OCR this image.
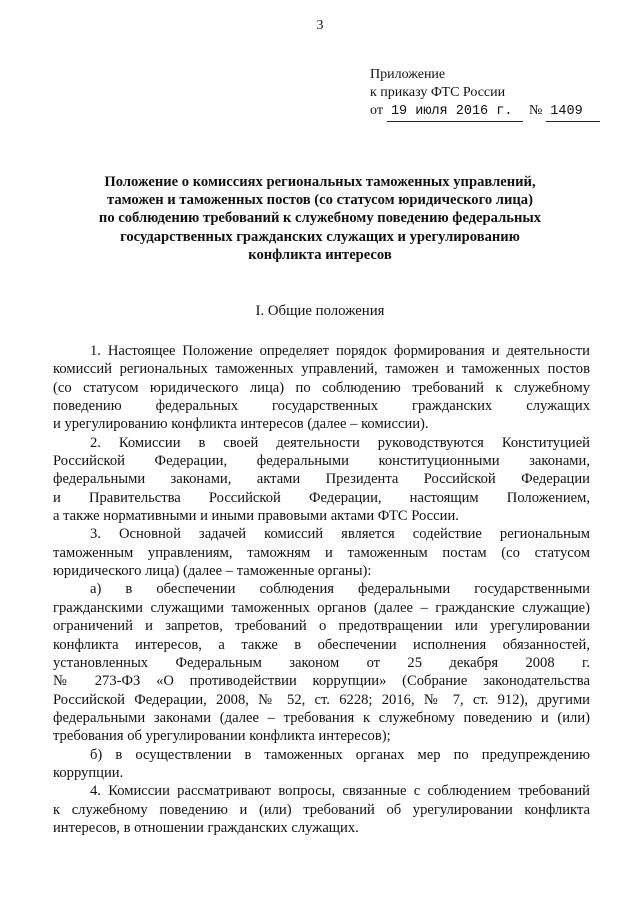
3
Приложение
к приказу ФТС России
от 19 июля 2016 г.	№ 1409
Положение о комиссиях региональных таможенных управлений,
таможен и таможенных постов (со статусом юридического лица)
по соблюдению требований к служебному поведению федеральных
государственных гражданских служащих и урегулированию
конфликта интересов
I. Общие положения
1. Настоящее Положение определяет порядок формирования и деятельности
комиссий региональных таможенных управлений, таможен и таможенных постов
(со статусом юридического лица) по соблюдению требований к служебному
поведению федеральных государственных гражданских служащих
и урегулированию конфликта интересов (далее – комиссии).
2. Комиссии в своей деятельности руководствуются Конституцией
Российской Федерации, федеральными конституционными законами,
федеральными законами, актами Президента Российской Федерации
и Правительства Российской Федерации, настоящим Положением,
а также нормативными и иными правовыми актами ФТС России.
3. Основной задачей комиссий является содействие региональным
таможенным управлениям, таможням и таможенным постам (со статусом
юридического лица) (далее – таможенные органы):
а) в обеспечении соблюдения федеральными государственными
гражданскими служащими таможенных органов (далее – гражданские служащие)
ограничений и запретов, требований о предотвращении или урегулировании
конфликта интересов, а также в обеспечении исполнения обязанностей,
установленных Федеральным законом от 25 декабря 2008 г.
№ 273-ФЗ «О противодействии коррупции» (Собрание законодательства
Российской Федерации, 2008, № 52, ст. 6228; 2016, № 7, ст. 912), другими
федеральными законами (далее – требования к служебному поведению и (или)
требования об урегулировании конфликта интересов);
б) в осуществлении в таможенных органах мер по предупреждению
коррупции.
4. Комиссии рассматривают вопросы, связанные с соблюдением требований
к служебному поведению и (или) требований об урегулировании конфликта
интересов, в отношении гражданских служащих.
